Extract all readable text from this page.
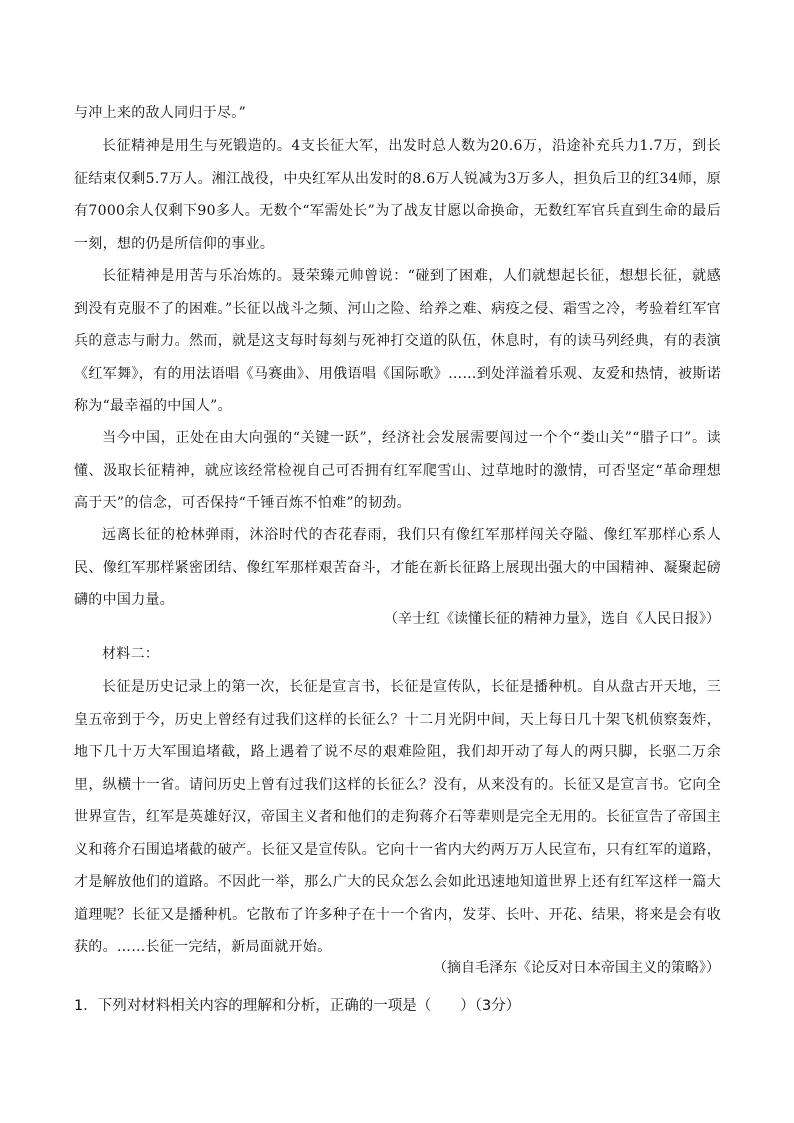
与冲上来的敌人同归于尽。”
长征精神是用生与死锻造的。4支长征大军，出发时总人数为20.6万，沿途补充兵力1.7万，到长征结束仅剩5.7万人。湘江战役，中央红军从出发时的8.6万人锐减为3万多人，担负后卫的红34师，原有7000余人仅剩下90多人。无数个“军需处长”为了战友甘愿以命换命，无数红军官兵直到生命的最后一刻，想的仍是所信仰的事业。
长征精神是用苦与乐冶炼的。聂荣臻元帅曾说：“碰到了困难，人们就想起长征，想想长征，就感到没有克服不了的困难。”长征以战斗之频、河山之险、给养之难、病疫之侵、霜雪之冷，考验着红军官兵的意志与耐力。然而，就是这支每时每刻与死神打交道的队伍，休息时，有的读马列经典，有的表演《红军舞》，有的用法语唱《马赛曲》、用俄语唱《国际歌》……到处洋溢着乐观、友爱和热情，被斯诺称为“最幸福的中国人”。
当今中国，正处在由大向强的“关键一跃”，经济社会发展需要闯过一个个“娄山关”“腊子口”。读懂、汲取长征精神，就应该经常检视自己可否拥有红军爬雪山、过草地时的激情，可否坚定“革命理想高于天”的信念，可否保持“千锤百炼不怕难”的韧劲。
远离长征的枪林弹雨，沐浴时代的杏花春雨，我们只有像红军那样闯关夺隘、像红军那样心系人民、像红军那样紧密团结、像红军那样艰苦奋斗，才能在新长征路上展现出强大的中国精神、凝聚起磅礴的中国力量。
（辛士红《读懂长征的精神力量》，选自《人民日报》）
材料二：
长征是历史记录上的第一次，长征是宣言书，长征是宣传队，长征是播种机。自从盘古开天地，三皇五帝到于今，历史上曾经有过我们这样的长征么？十二月光阴中间，天上每日几十架飞机侦察轰炸，地下几十万大军围追堵截，路上遇着了说不尽的艰难险阻，我们却开动了每人的两只脚，长驱二万余里，纵横十一省。请问历史上曾有过我们这样的长征么？没有，从来没有的。长征又是宣言书。它向全世界宣告，红军是英雄好汉，帝国主义者和他们的走狗蒋介石等辈则是完全无用的。长征宣告了帝国主义和蒋介石围追堵截的破产。长征又是宣传队。它向十一省内大约两万万人民宣布，只有红军的道路，才是解放他们的道路。不因此一举，那么广大的民众怎么会如此迅速地知道世界上还有红军这样一篇大道理呢？长征又是播种机。它散布了许多种子在十一个省内，发芽、长叶、开花、结果，将来是会有收获的。……长征一完结，新局面就开始。
（摘自毛泽东《论反对日本帝国主义的策略》）
1．下列对材料相关内容的理解和分析，正确的一项是（　　）（3分）
